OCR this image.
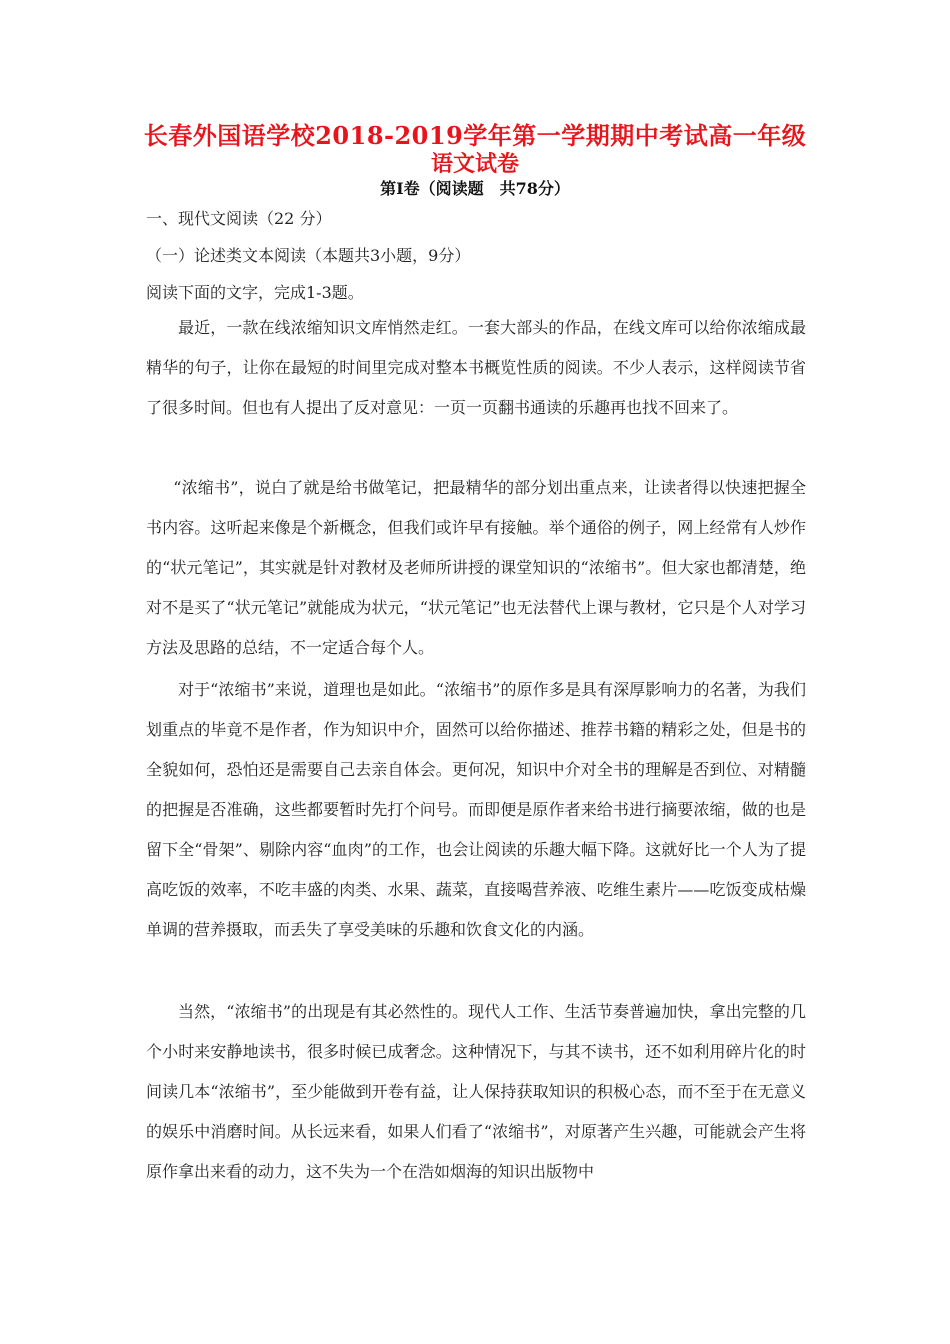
长春外国语学校2018-2019学年第一学期期中考试高一年级
语文试卷
第Ⅰ卷（阅读题　共78分）
一、现代文阅读（22 分）
（一）论述类文本阅读（本题共3小题，9分）
阅读下面的文字，完成1-3题。

最近，一款在线浓缩知识文库悄然走红。一套大部头的作品，在线文库可以给你浓缩成最精华的句子，让你在最短的时间里完成对整本书概览性质的阅读。不少人表示，这样阅读节省了很多时间。但也有人提出了反对意见：一页一页翻书通读的乐趣再也找不回来了。

“浓缩书”，说白了就是给书做笔记，把最精华的部分划出重点来，让读者得以快速把握全书内容。这听起来像是个新概念，但我们或许早有接触。举个通俗的例子，网上经常有人炒作的“状元笔记”，其实就是针对教材及老师所讲授的课堂知识的“浓缩书”。但大家也都清楚，绝对不是买了“状元笔记”就能成为状元，“状元笔记”也无法替代上课与教材，它只是个人对学习方法及思路的总结，不一定适合每个人。

对于“浓缩书”来说，道理也是如此。“浓缩书”的原作多是具有深厚影响力的名著，为我们划重点的毕竟不是作者，作为知识中介，固然可以给你描述、推荐书籍的精彩之处，但是书的全貌如何，恐怕还是需要自己去亲自体会。更何况，知识中介对全书的理解是否到位、对精髓的把握是否准确，这些都要暂时先打个问号。而即便是原作者来给书进行摘要浓缩，做的也是留下全“骨架”、剔除内容“血肉”的工作，也会让阅读的乐趣大幅下降。这就好比一个人为了提高吃饭的效率，不吃丰盛的肉类、水果、蔬菜，直接喝营养液、吃维生素片——吃饭变成枯燥单调的营养摄取，而丢失了享受美味的乐趣和饮食文化的内涵。

当然，“浓缩书”的出现是有其必然性的。现代人工作、生活节奏普遍加快，拿出完整的几个小时来安静地读书，很多时候已成奢念。这种情况下，与其不读书，还不如利用碎片化的时间读几本“浓缩书”，至少能做到开卷有益，让人保持获取知识的积极心态，而不至于在无意义的娱乐中消磨时间。从长远来看，如果人们看了“浓缩书”，对原著产生兴趣，可能就会产生将原作拿出来看的动力，这不失为一个在浩如烟海的知识出版物中
